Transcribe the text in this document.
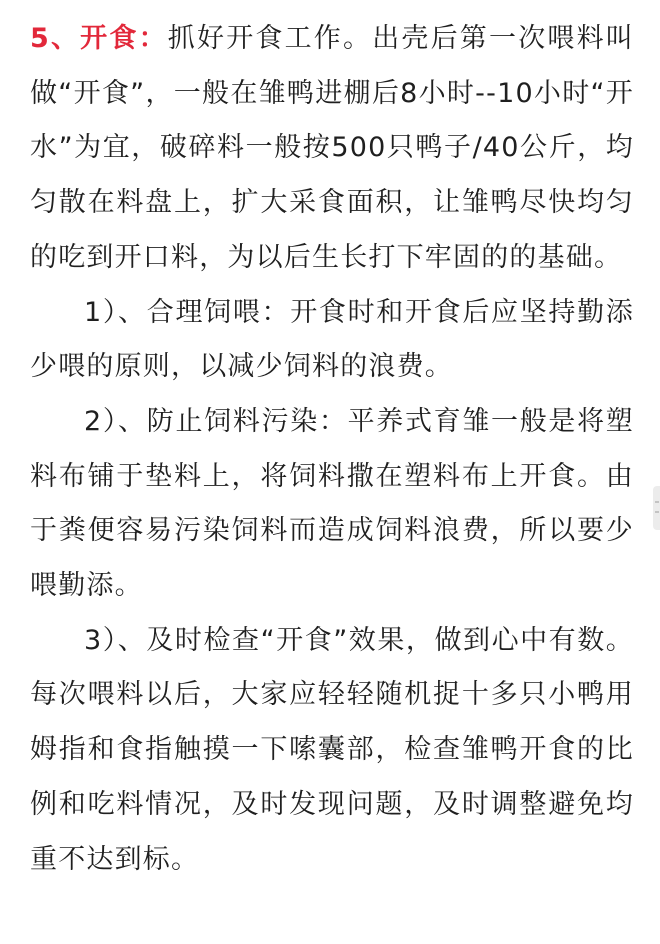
5、开食：抓好开食工作。出壳后第一次喂料叫做“开食”，一般在雏鸭进棚后8小时--10小时“开水”为宜，破碎料一般按500只鸭子/40公斤，均匀散在料盘上，扩大采食面积，让雏鸭尽快均匀的吃到开口料，为以后生长打下牢固的的基础。

1）、合理饲喂：开食时和开食后应坚持勤添少喂的原则，以减少饲料的浪费。

2）、防止饲料污染：平养式育雏一般是将塑料布铺于垫料上，将饲料撒在塑料布上开食。由于粪便容易污染饲料而造成饲料浪费，所以要少喂勤添。

3）、及时检查“开食”效果，做到心中有数。每次喂料以后，大家应轻轻随机捉十多只小鸭用姆指和食指触摸一下嗦囊部，检查雏鸭开食的比例和吃料情况，及时发现问题，及时调整避免均重不达到标。
